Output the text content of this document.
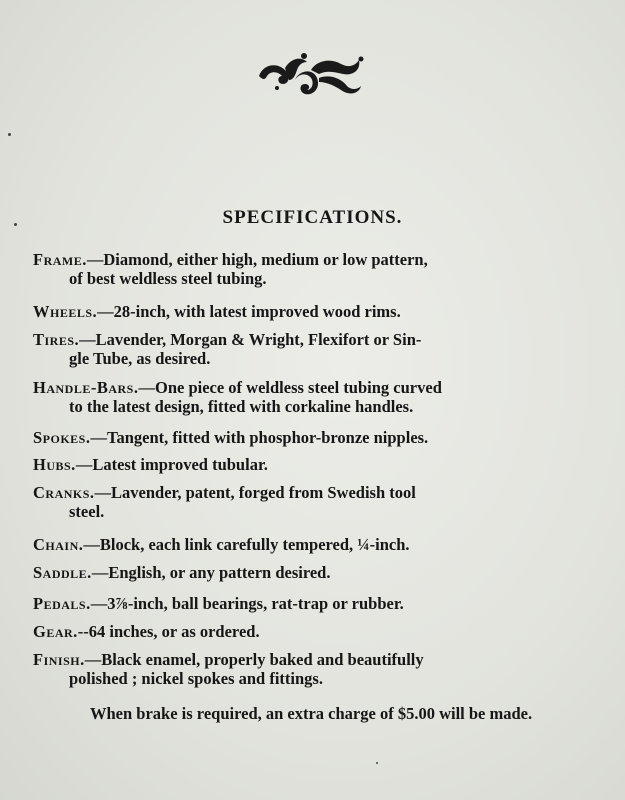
SPECIFICATIONS.
Frame.—Diamond, either high, medium or low pattern,
of best weldless steel tubing.
Wheels.—28-inch, with latest improved wood rims.
Tires.—Lavender, Morgan & Wright, Flexifort or Sin-
gle Tube, as desired.
Handle-Bars.—One piece of weldless steel tubing curved
to the latest design, fitted with corkaline handles.
Spokes.—Tangent, fitted with phosphor-bronze nipples.
Hubs.—Latest improved tubular.
Cranks.—Lavender, patent, forged from Swedish tool
steel.
Chain.—Block, each link carefully tempered, ¼-inch.
Saddle.—English, or any pattern desired.
Pedals.—3⅞-inch, ball bearings, rat-trap or rubber.
Gear.--64 inches, or as ordered.
Finish.—Black enamel, properly baked and beautifully
polished ; nickel spokes and fittings.
When brake is required, an extra charge of $5.00 will be made.
